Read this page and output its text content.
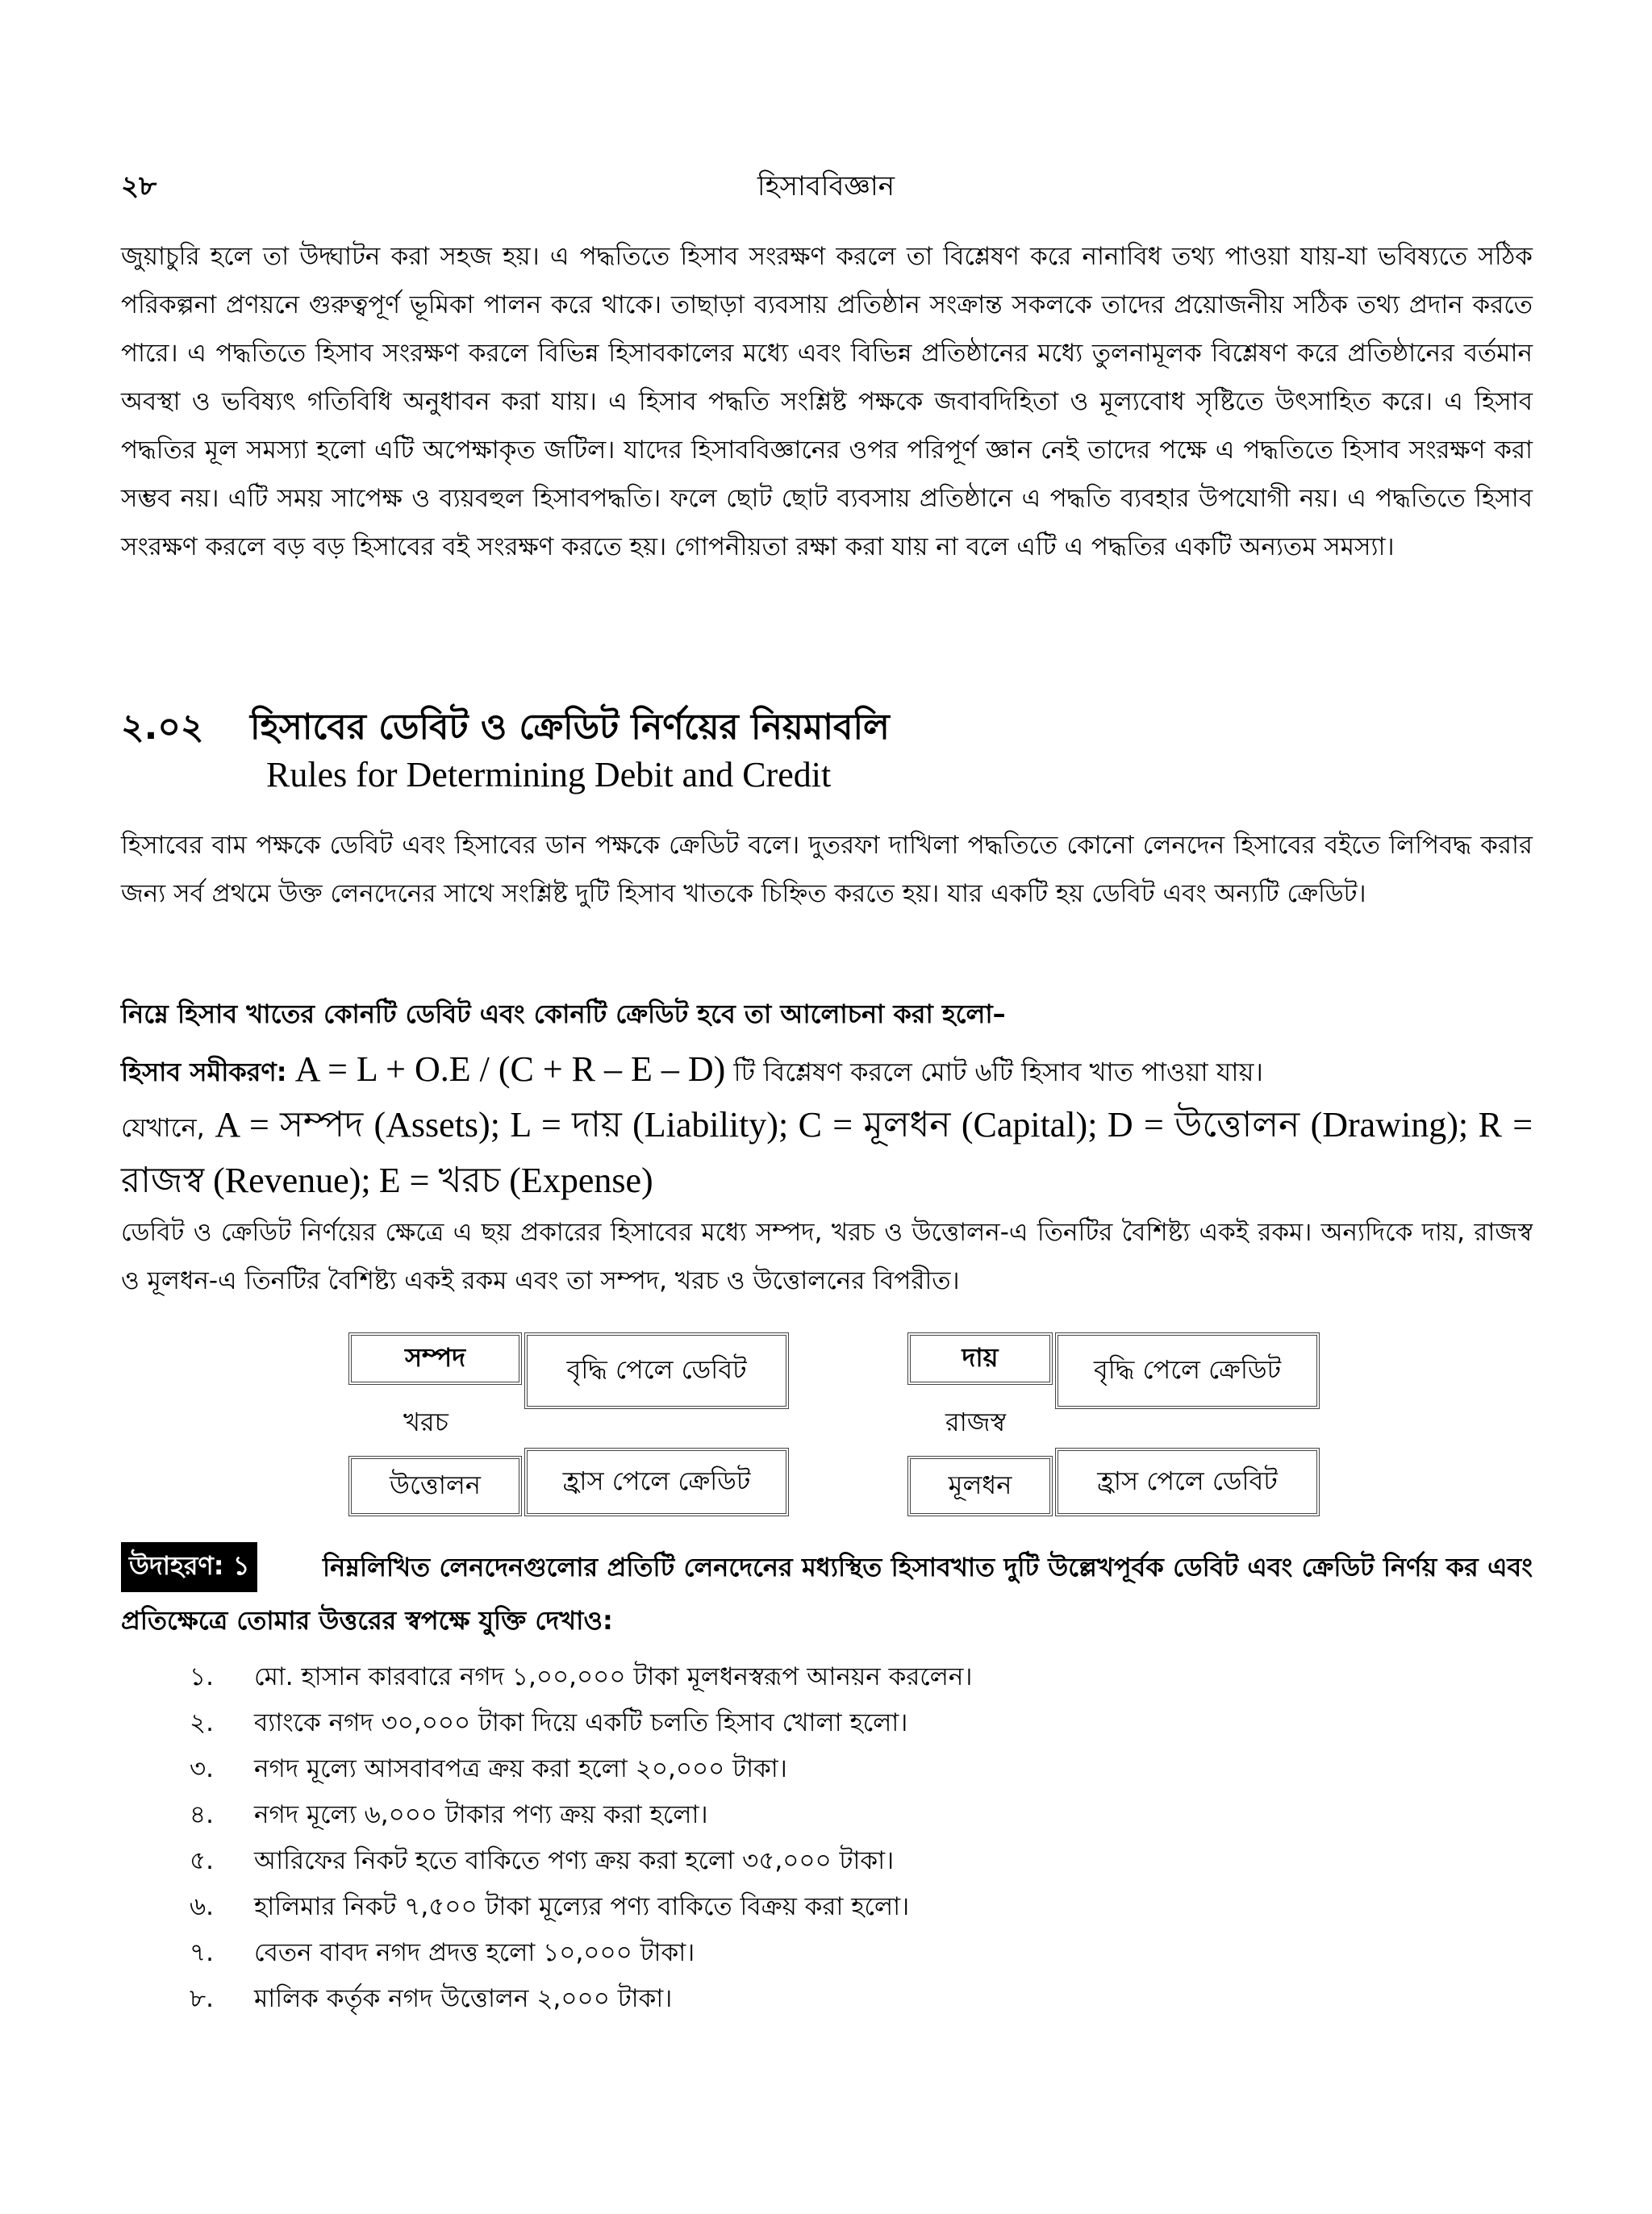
২৮	হিসাববিজ্ঞান
জুয়াচুরি হলে তা উদ্ঘাটন করা সহজ হয়। এ পদ্ধতিতে হিসাব সংরক্ষণ করলে তা বিশ্লেষণ করে নানাবিধ তথ্য পাওয়া যায়-যা ভবিষ্যতে সঠিক পরিকল্পনা প্রণয়নে গুরুত্বপূর্ণ ভূমিকা পালন করে থাকে। তাছাড়া ব্যবসায় প্রতিষ্ঠান সংক্রান্ত সকলকে তাদের প্রয়োজনীয় সঠিক তথ্য প্রদান করতে পারে। এ পদ্ধতিতে হিসাব সংরক্ষণ করলে বিভিন্ন হিসাবকালের মধ্যে এবং বিভিন্ন প্রতিষ্ঠানের মধ্যে তুলনামূলক বিশ্লেষণ করে প্রতিষ্ঠানের বর্তমান অবস্থা ও ভবিষ্যৎ গতিবিধি অনুধাবন করা যায়। এ হিসাব পদ্ধতি সংশ্লিষ্ট পক্ষকে জবাবদিহিতা ও মূল্যবোধ সৃষ্টিতে উৎসাহিত করে। এ হিসাব পদ্ধতির মূল সমস্যা হলো এটি অপেক্ষাকৃত জটিল। যাদের হিসাববিজ্ঞানের ওপর পরিপূর্ণ জ্ঞান নেই তাদের পক্ষে এ পদ্ধতিতে হিসাব সংরক্ষণ করা সম্ভব নয়। এটি সময় সাপেক্ষ ও ব্যয়বহুল হিসাবপদ্ধতি। ফলে ছোট ছোট ব্যবসায় প্রতিষ্ঠানে এ পদ্ধতি ব্যবহার উপযোগী নয়। এ পদ্ধতিতে হিসাব সংরক্ষণ করলে বড় বড় হিসাবের বই সংরক্ষণ করতে হয়। গোপনীয়তা রক্ষা করা যায় না বলে এটি এ পদ্ধতির একটি অন্যতম সমস্যা।
২.০২ হিসাবের ডেবিট ও ক্রেডিট নির্ণয়ের নিয়মাবলি
Rules for Determining Debit and Credit
হিসাবের বাম পক্ষকে ডেবিট এবং হিসাবের ডান পক্ষকে ক্রেডিট বলে। দুতরফা দাখিলা পদ্ধতিতে কোনো লেনদেন হিসাবের বইতে লিপিবদ্ধ করার জন্য সর্ব প্রথমে উক্ত লেনদেনের সাথে সংশ্লিষ্ট দুটি হিসাব খাতকে চিহ্নিত করতে হয়। যার একটি হয় ডেবিট এবং অন্যটি ক্রেডিট।
নিম্নে হিসাব খাতের কোনটি ডেবিট এবং কোনটি ক্রেডিট হবে তা আলোচনা করা হলো–
হিসাব সমীকরণ: A = L + O.E / (C + R – E – D) টি বিশ্লেষণ করলে মোট ৬টি হিসাব খাত পাওয়া যায়।
যেখানে, A = সম্পদ (Assets); L = দায় (Liability); C = মূলধন (Capital); D = উত্তোলন (Drawing); R = রাজস্ব (Revenue); E = খরচ (Expense)
ডেবিট ও ক্রেডিট নির্ণয়ের ক্ষেত্রে এ ছয় প্রকারের হিসাবের মধ্যে সম্পদ, খরচ ও উত্তোলন-এ তিনটির বৈশিষ্ট্য একই রকম। অন্যদিকে দায়, রাজস্ব ও মূলধন-এ তিনটির বৈশিষ্ট্য একই রকম এবং তা সম্পদ, খরচ ও উত্তোলনের বিপরীত।
সম্পদ	বৃদ্ধি পেলে ডেবিট
খরচ
উত্তোলন	হ্রাস পেলে ক্রেডিট
দায়	বৃদ্ধি পেলে ক্রেডিট
রাজস্ব
মূলধন	হ্রাস পেলে ডেবিট
নিম্নলিখিত লেনদেনগুলোর প্রতিটি লেনদেনের মধ্যস্থিত হিসাবখাত দুটি উল্লেখপূর্বক ডেবিট এবং ক্রেডিট নির্ণয় কর এবং প্রতিক্ষেত্রে তোমার উত্তরের স্বপক্ষে যুক্তি দেখাও:
উদাহরণ: ১
১.	মো. হাসান কারবারে নগদ ১,০০,০০০ টাকা মূলধনস্বরূপ আনয়ন করলেন।
২.	ব্যাংকে নগদ ৩০,০০০ টাকা দিয়ে একটি চলতি হিসাব খোলা হলো।
৩.	নগদ মূল্যে আসবাবপত্র ক্রয় করা হলো ২০,০০০ টাকা।
৪.	নগদ মূল্যে ৬,০০০ টাকার পণ্য ক্রয় করা হলো।
৫.	আরিফের নিকট হতে বাকিতে পণ্য ক্রয় করা হলো ৩৫,০০০ টাকা।
৬.	হালিমার নিকট ৭,৫০০ টাকা মূল্যের পণ্য বাকিতে বিক্রয় করা হলো।
৭.	বেতন বাবদ নগদ প্রদত্ত হলো ১০,০০০ টাকা।
৮.	মালিক কর্তৃক নগদ উত্তোলন ২,০০০ টাকা।
